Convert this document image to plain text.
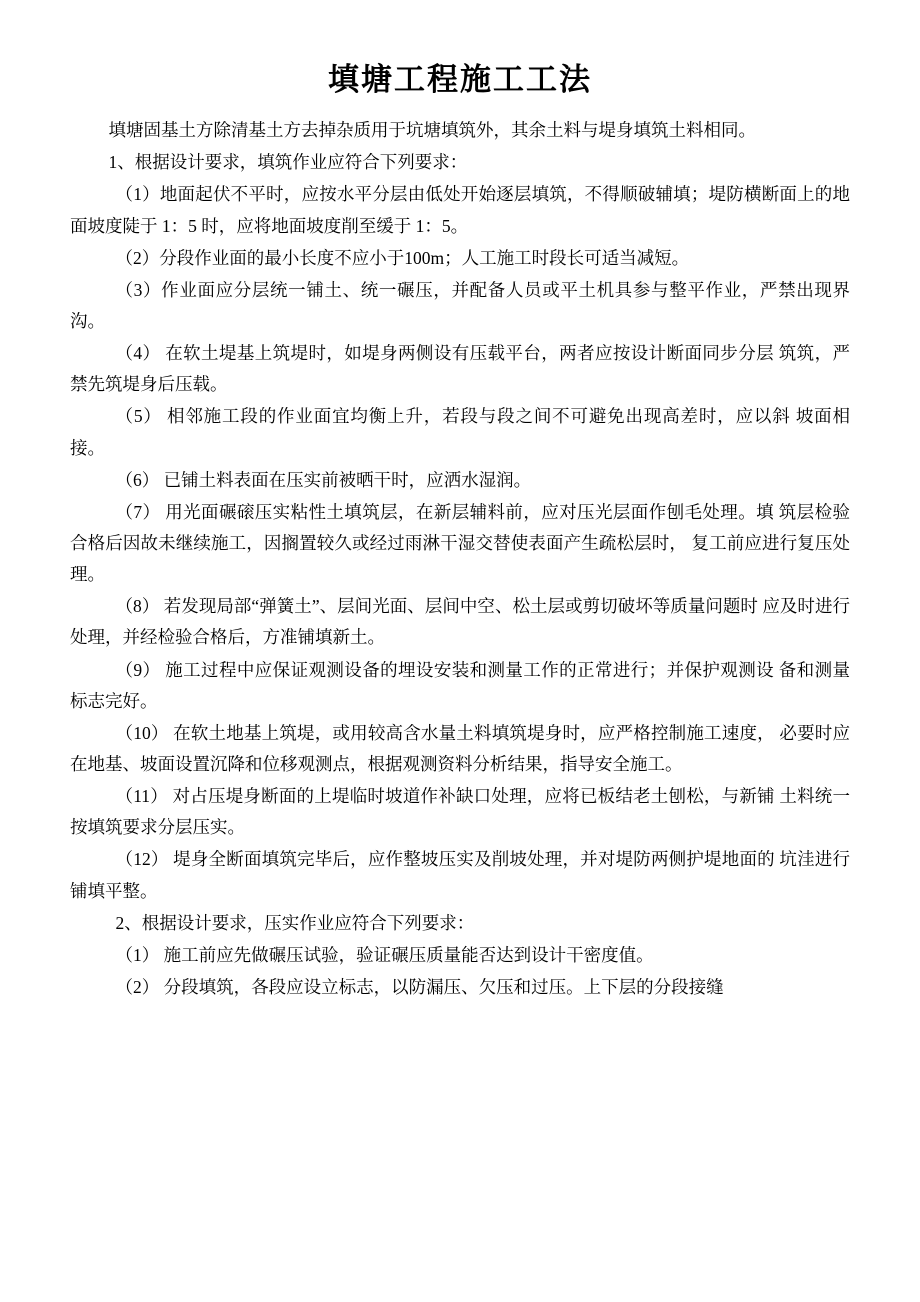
填塘工程施工工法

填塘固基土方除清基土方去掉杂质用于坑塘填筑外，其余土料与堤身填筑土料相同。

1、根据设计要求，填筑作业应符合下列要求：

（1）地面起伏不平时，应按水平分层由低处开始逐层填筑，不得顺破辅填；堤防横断面上的地面坡度陡于 1：5 时，应将地面坡度削至缓于 1：5。

（2）分段作业面的最小长度不应小于100m；人工施工时段长可适当减短。

（3）作业面应分层统一铺土、统一碾压，并配备人员或平土机具参与整平作业，严禁出现界沟。

（4） 在软土堤基上筑堤时，如堤身两侧设有压载平台，两者应按设计断面同步分层 筑筑，严禁先筑堤身后压载。

（5） 相邻施工段的作业面宜均衡上升，若段与段之间不可避免出现高差时，应以斜 坡面相接。

（6） 已铺土料表面在压实前被晒干时，应洒水湿润。

（7） 用光面碾磙压实粘性土填筑层，在新层辅料前，应对压光层面作刨毛处理。填 筑层检验合格后因故未继续施工，因搁置较久或经过雨淋干湿交替使表面产生疏松层时， 复工前应进行复压处理。

（8） 若发现局部“弹簧土”、层间光面、层间中空、松土层或剪切破坏等质量问题时 应及时进行处理，并经检验合格后，方准铺填新土。

（9） 施工过程中应保证观测设备的埋设安装和测量工作的正常进行；并保护观测设 备和测量标志完好。

（10） 在软土地基上筑堤，或用较高含水量土料填筑堤身时，应严格控制施工速度， 必要时应在地基、坡面设置沉降和位移观测点，根据观测资料分析结果，指导安全施工。

（11） 对占压堤身断面的上堤临时坡道作补缺口处理，应将已板结老土刨松，与新铺 土料统一按填筑要求分层压实。

（12） 堤身全断面填筑完毕后，应作整坡压实及削坡处理，并对堤防两侧护堤地面的 坑洼进行铺填平整。

2、根据设计要求，压实作业应符合下列要求：

（1） 施工前应先做碾压试验，验证碾压质量能否达到设计干密度值。

（2） 分段填筑，各段应设立标志，以防漏压、欠压和过压。上下层的分段接缝
